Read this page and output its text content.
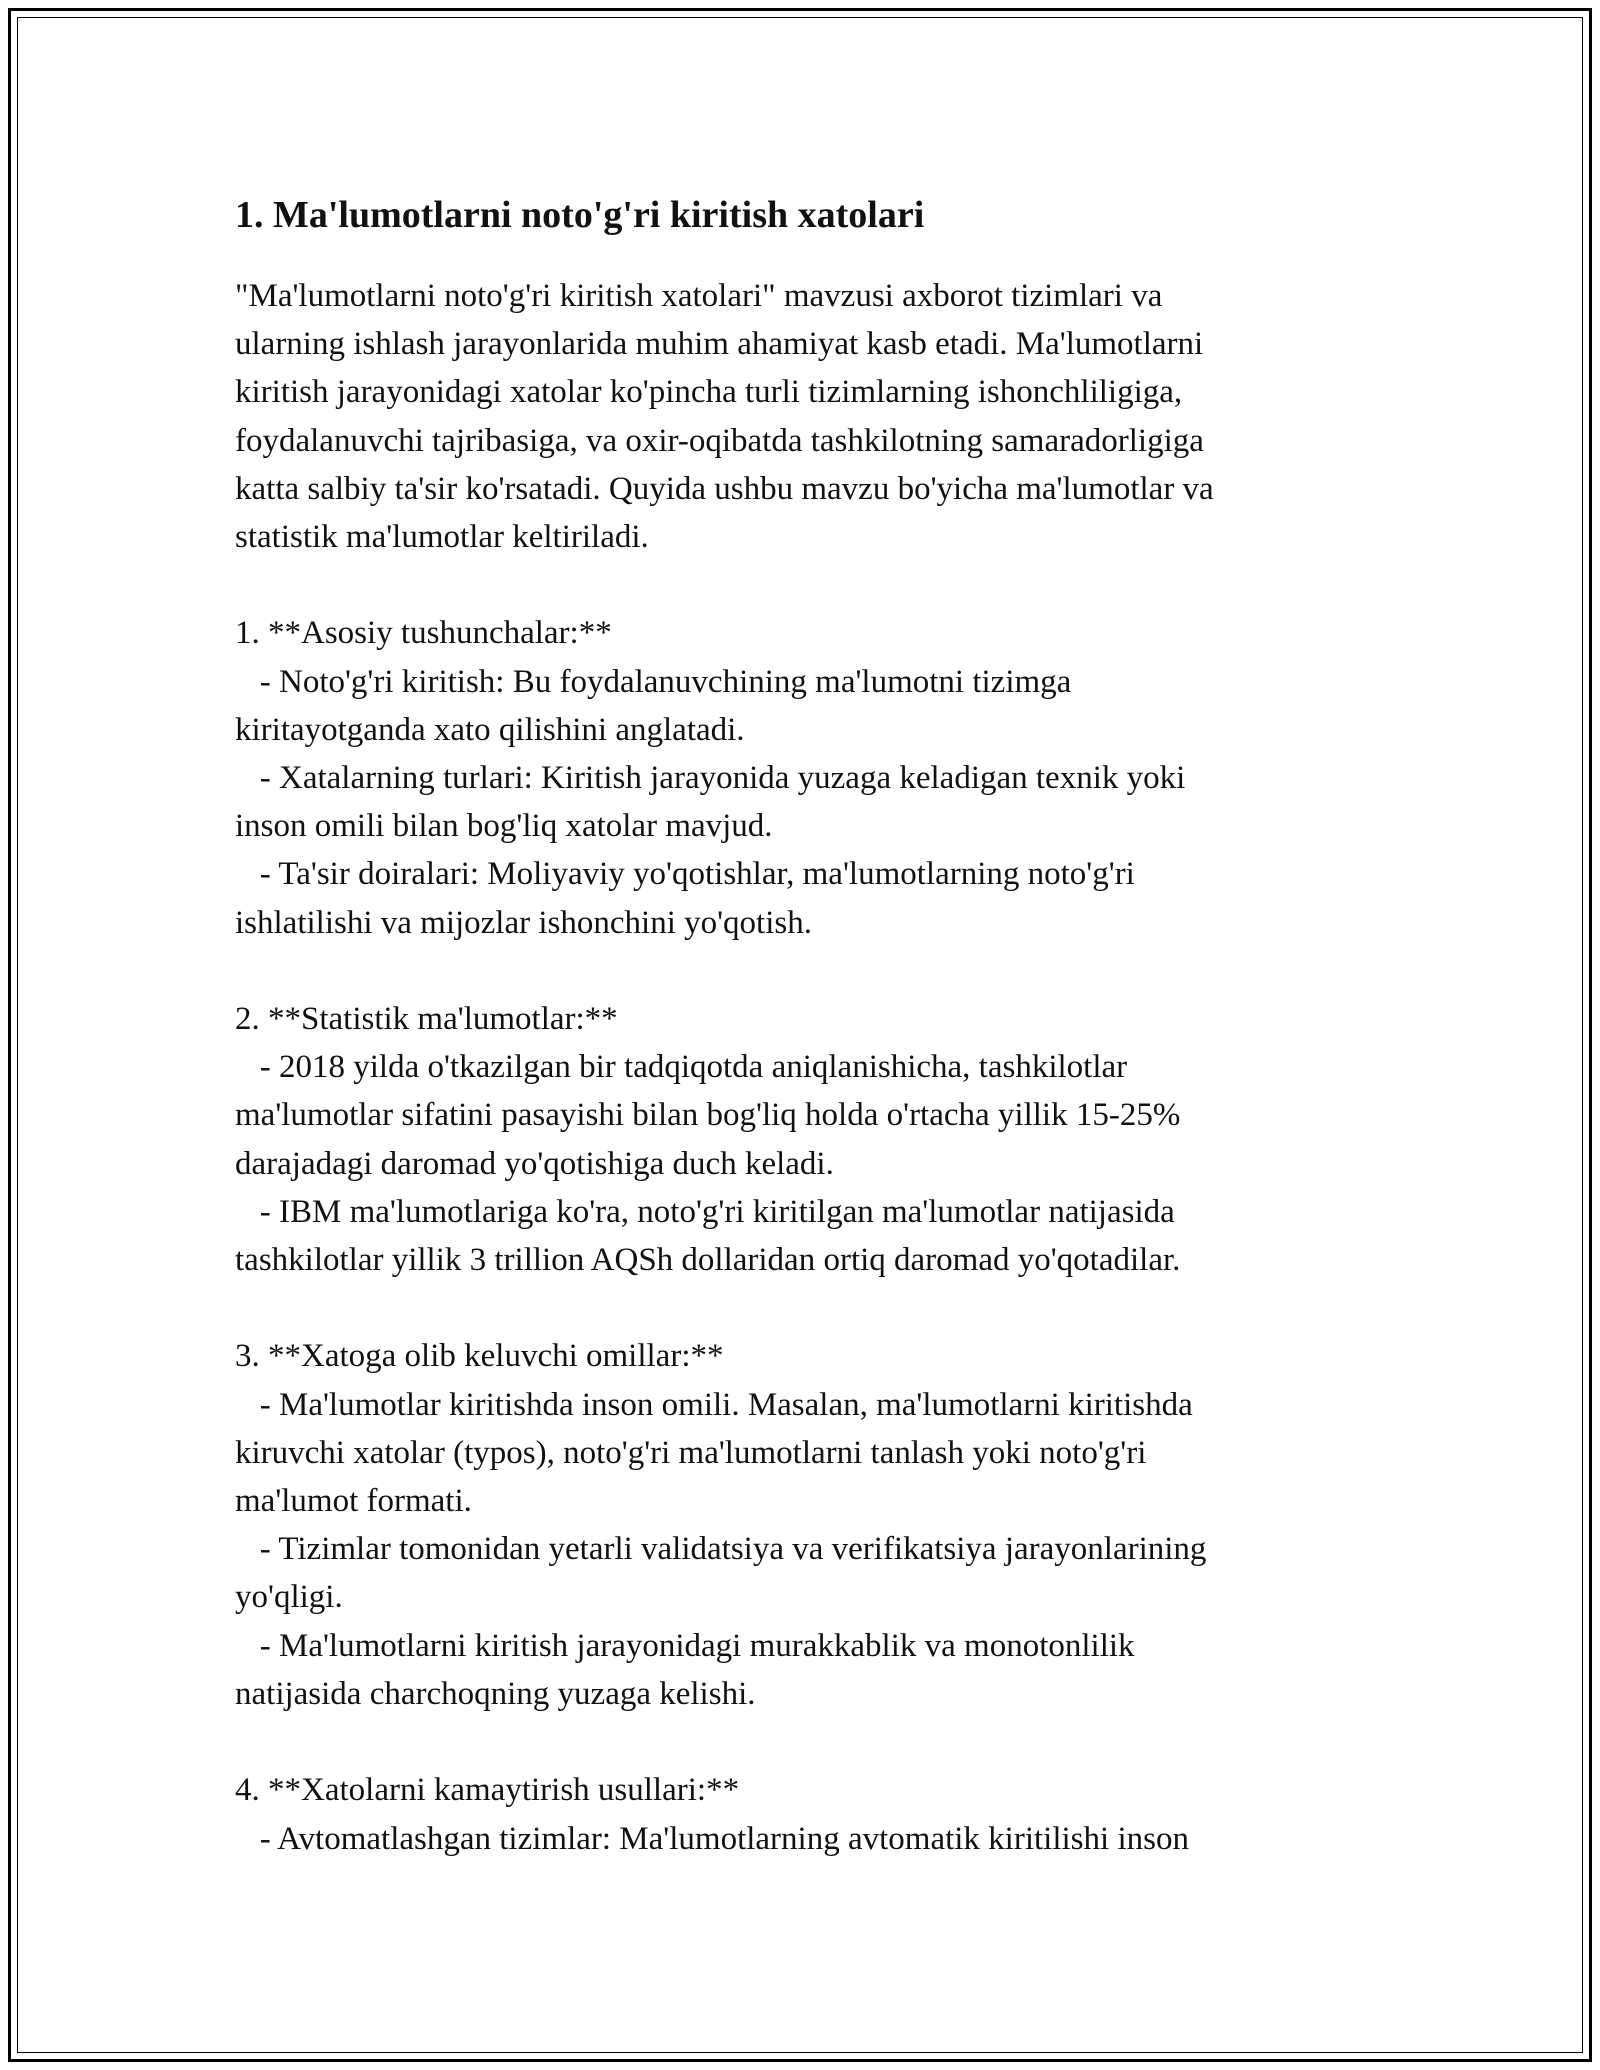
1. Ma'lumotlarni noto'g'ri kiritish xatolari

"Ma'lumotlarni noto'g'ri kiritish xatolari" mavzusi axborot tizimlari va
ularning ishlash jarayonlarida muhim ahamiyat kasb etadi. Ma'lumotlarni
kiritish jarayonidagi xatolar ko'pincha turli tizimlarning ishonchliligiga,
foydalanuvchi tajribasiga, va oxir-oqibatda tashkilotning samaradorligiga
katta salbiy ta'sir ko'rsatadi. Quyida ushbu mavzu bo'yicha ma'lumotlar va
statistik ma'lumotlar keltiriladi.

1. **Asosiy tushunchalar:**
- Noto'g'ri kiritish: Bu foydalanuvchining ma'lumotni tizimga
kiritayotganda xato qilishini anglatadi.
- Xatalarning turlari: Kiritish jarayonida yuzaga keladigan texnik yoki
inson omili bilan bog'liq xatolar mavjud.
- Ta'sir doiralari: Moliyaviy yo'qotishlar, ma'lumotlarning noto'g'ri
ishlatilishi va mijozlar ishonchini yo'qotish.

2. **Statistik ma'lumotlar:**
- 2018 yilda o'tkazilgan bir tadqiqotda aniqlanishicha, tashkilotlar
ma'lumotlar sifatini pasayishi bilan bog'liq holda o'rtacha yillik 15-25%
darajadagi daromad yo'qotishiga duch keladi.
- IBM ma'lumotlariga ko'ra, noto'g'ri kiritilgan ma'lumotlar natijasida
tashkilotlar yillik 3 trillion AQSh dollaridan ortiq daromad yo'qotadilar.

3. **Xatoga olib keluvchi omillar:**
- Ma'lumotlar kiritishda inson omili. Masalan, ma'lumotlarni kiritishda
kiruvchi xatolar (typos), noto'g'ri ma'lumotlarni tanlash yoki noto'g'ri
ma'lumot formati.
- Tizimlar tomonidan yetarli validatsiya va verifikatsiya jarayonlarining
yo'qligi.
- Ma'lumotlarni kiritish jarayonidagi murakkablik va monotonlilik
natijasida charchoqning yuzaga kelishi.

4. **Xatolarni kamaytirish usullari:**
- Avtomatlashgan tizimlar: Ma'lumotlarning avtomatik kiritilishi inson
